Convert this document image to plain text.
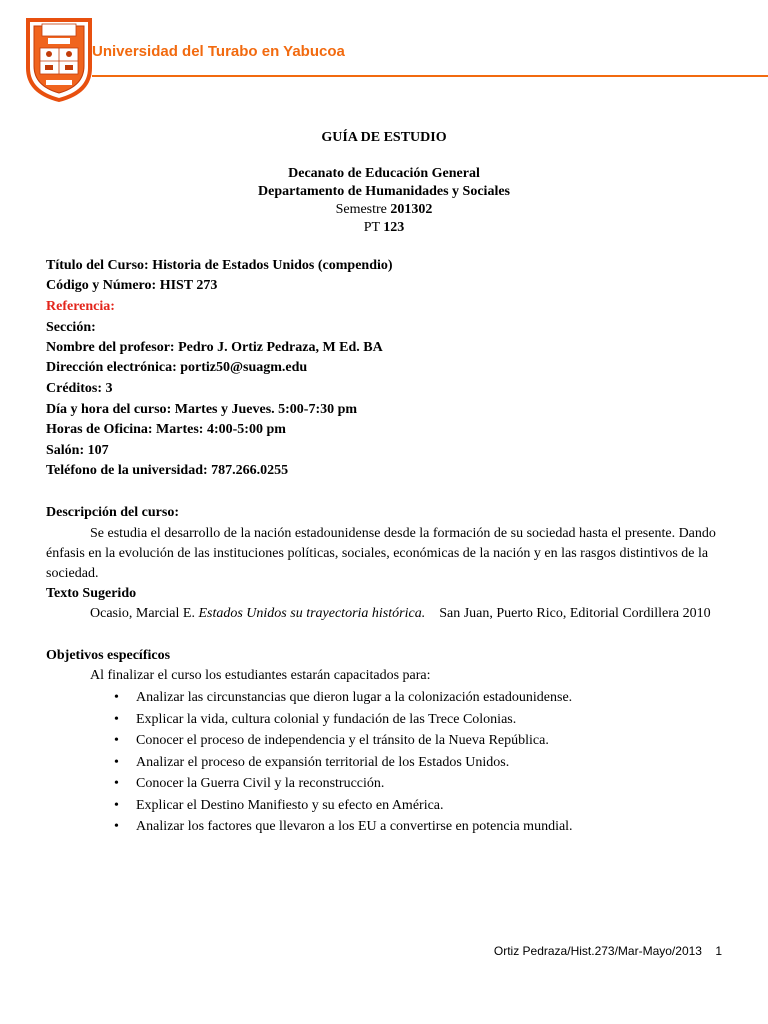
Universidad del Turabo en Yabucoa
GUÍA DE ESTUDIO
Decanato de Educación General
Departamento de Humanidades y Sociales
Semestre 201302
PT 123
Título del Curso: Historia de Estados Unidos (compendio)
Código y Número: HIST 273
Referencia:
Sección:
Nombre del profesor: Pedro J. Ortiz Pedraza, M Ed. BA
Dirección electrónica: portiz50@suagm.edu
Créditos: 3
Día y hora del curso: Martes y Jueves. 5:00-7:30 pm
Horas de Oficina: Martes: 4:00-5:00 pm
Salón: 107
Teléfono de la universidad: 787.266.0255
Descripción del curso:
Se estudia el desarrollo de la nación estadounidense desde la formación de su sociedad hasta el presente. Dando énfasis en la evolución de las instituciones políticas, sociales, económicas de la nación y en las rasgos distintivos de la sociedad.
Texto Sugerido
Ocasio, Marcial E. Estados Unidos su trayectoria histórica. San Juan, Puerto Rico, Editorial Cordillera 2010
Objetivos específicos
Al finalizar el curso los estudiantes estarán capacitados para:
• Analizar las circunstancias que dieron lugar a la colonización estadounidense.
• Explicar la vida, cultura colonial y fundación de las Trece Colonias.
• Conocer el proceso de independencia y el tránsito de la Nueva República.
• Analizar el proceso de expansión territorial de los Estados Unidos.
• Conocer la Guerra Civil y la reconstrucción.
• Explicar el Destino Manifiesto y su efecto en América.
• Analizar los factores que llevaron a los EU a convertirse en potencia mundial.
Ortiz Pedraza/Hist.273/Mar-Mayo/2013 1
